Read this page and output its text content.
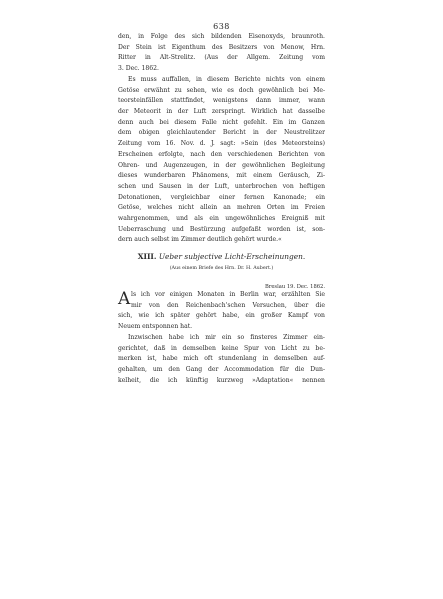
638
den, in Folge des sich bildenden Eisenoxyds, braunroth.
Der Stein ist Eigenthum des Besitzers von Menow, Hrn.
Ritter in Alt-Strelitz. (Aus der Allgem. Zeitung vom
3. Dec. 1862.
Es muss auffallen, in diesem Berichte nichts von einem
Getöse erwähnt zu sehen, wie es doch gewöhnlich bei Me-
teorsteinfällen stattfindet, wenigstens dann immer, wann
der Meteorit in der Luft zerspringt. Wirklich hat dasselbe
denn auch bei diesem Falle nicht gefehlt. Ein im Ganzen
dem obigen gleichlautender Bericht in der Neustrelitzer
Zeitung vom 16. Nov. d. J. sagt: »Sein (des Meteorsteins)
Erscheinen erfolgte, nach den verschiedenen Berichten von
Ohren- und Augenzeugen, in der gewöhnlichen Begleitung
dieses wunderbaren Phänomens, mit einem Geräusch, Zi-
schen und Sausen in der Luft, unterbrochen von heftigen
Detonationen, vergleichbar einer fernen Kanonade; ein
Getöse, welches nicht allein an mehren Orten im Freien
wahrgenommen, und als ein ungewöhnliches Ereigniß mit
Ueberraschung und Bestürzung aufgefaßt worden ist, son-
dern auch selbst im Zimmer deutlich gehört wurde.«
XIII. Ueber subjective Licht-Erscheinungen.
(Aus einem Briefe des Hrn. Dr. H. Aubert.)
Breslau 19. Dec. 1862.
A ls ich vor einigen Monaten in Berlin war, erzählten Sie
mir von den Reichenbach'schen Versuchen, über die
sich, wie ich später gehört habe, ein großer Kampf von
Neuem entsponnen hat.
Inzwischen habe ich mir ein so finsteres Zimmer ein-
gerichtet, daß in demselben keine Spur von Licht zu be-
merken ist, habe mich oft stundenlang in demselben auf-
gehalten, um den Gang der Accommodation für die Dun-
kelheit, die ich künftig kurzweg »Adaptation« nennen
